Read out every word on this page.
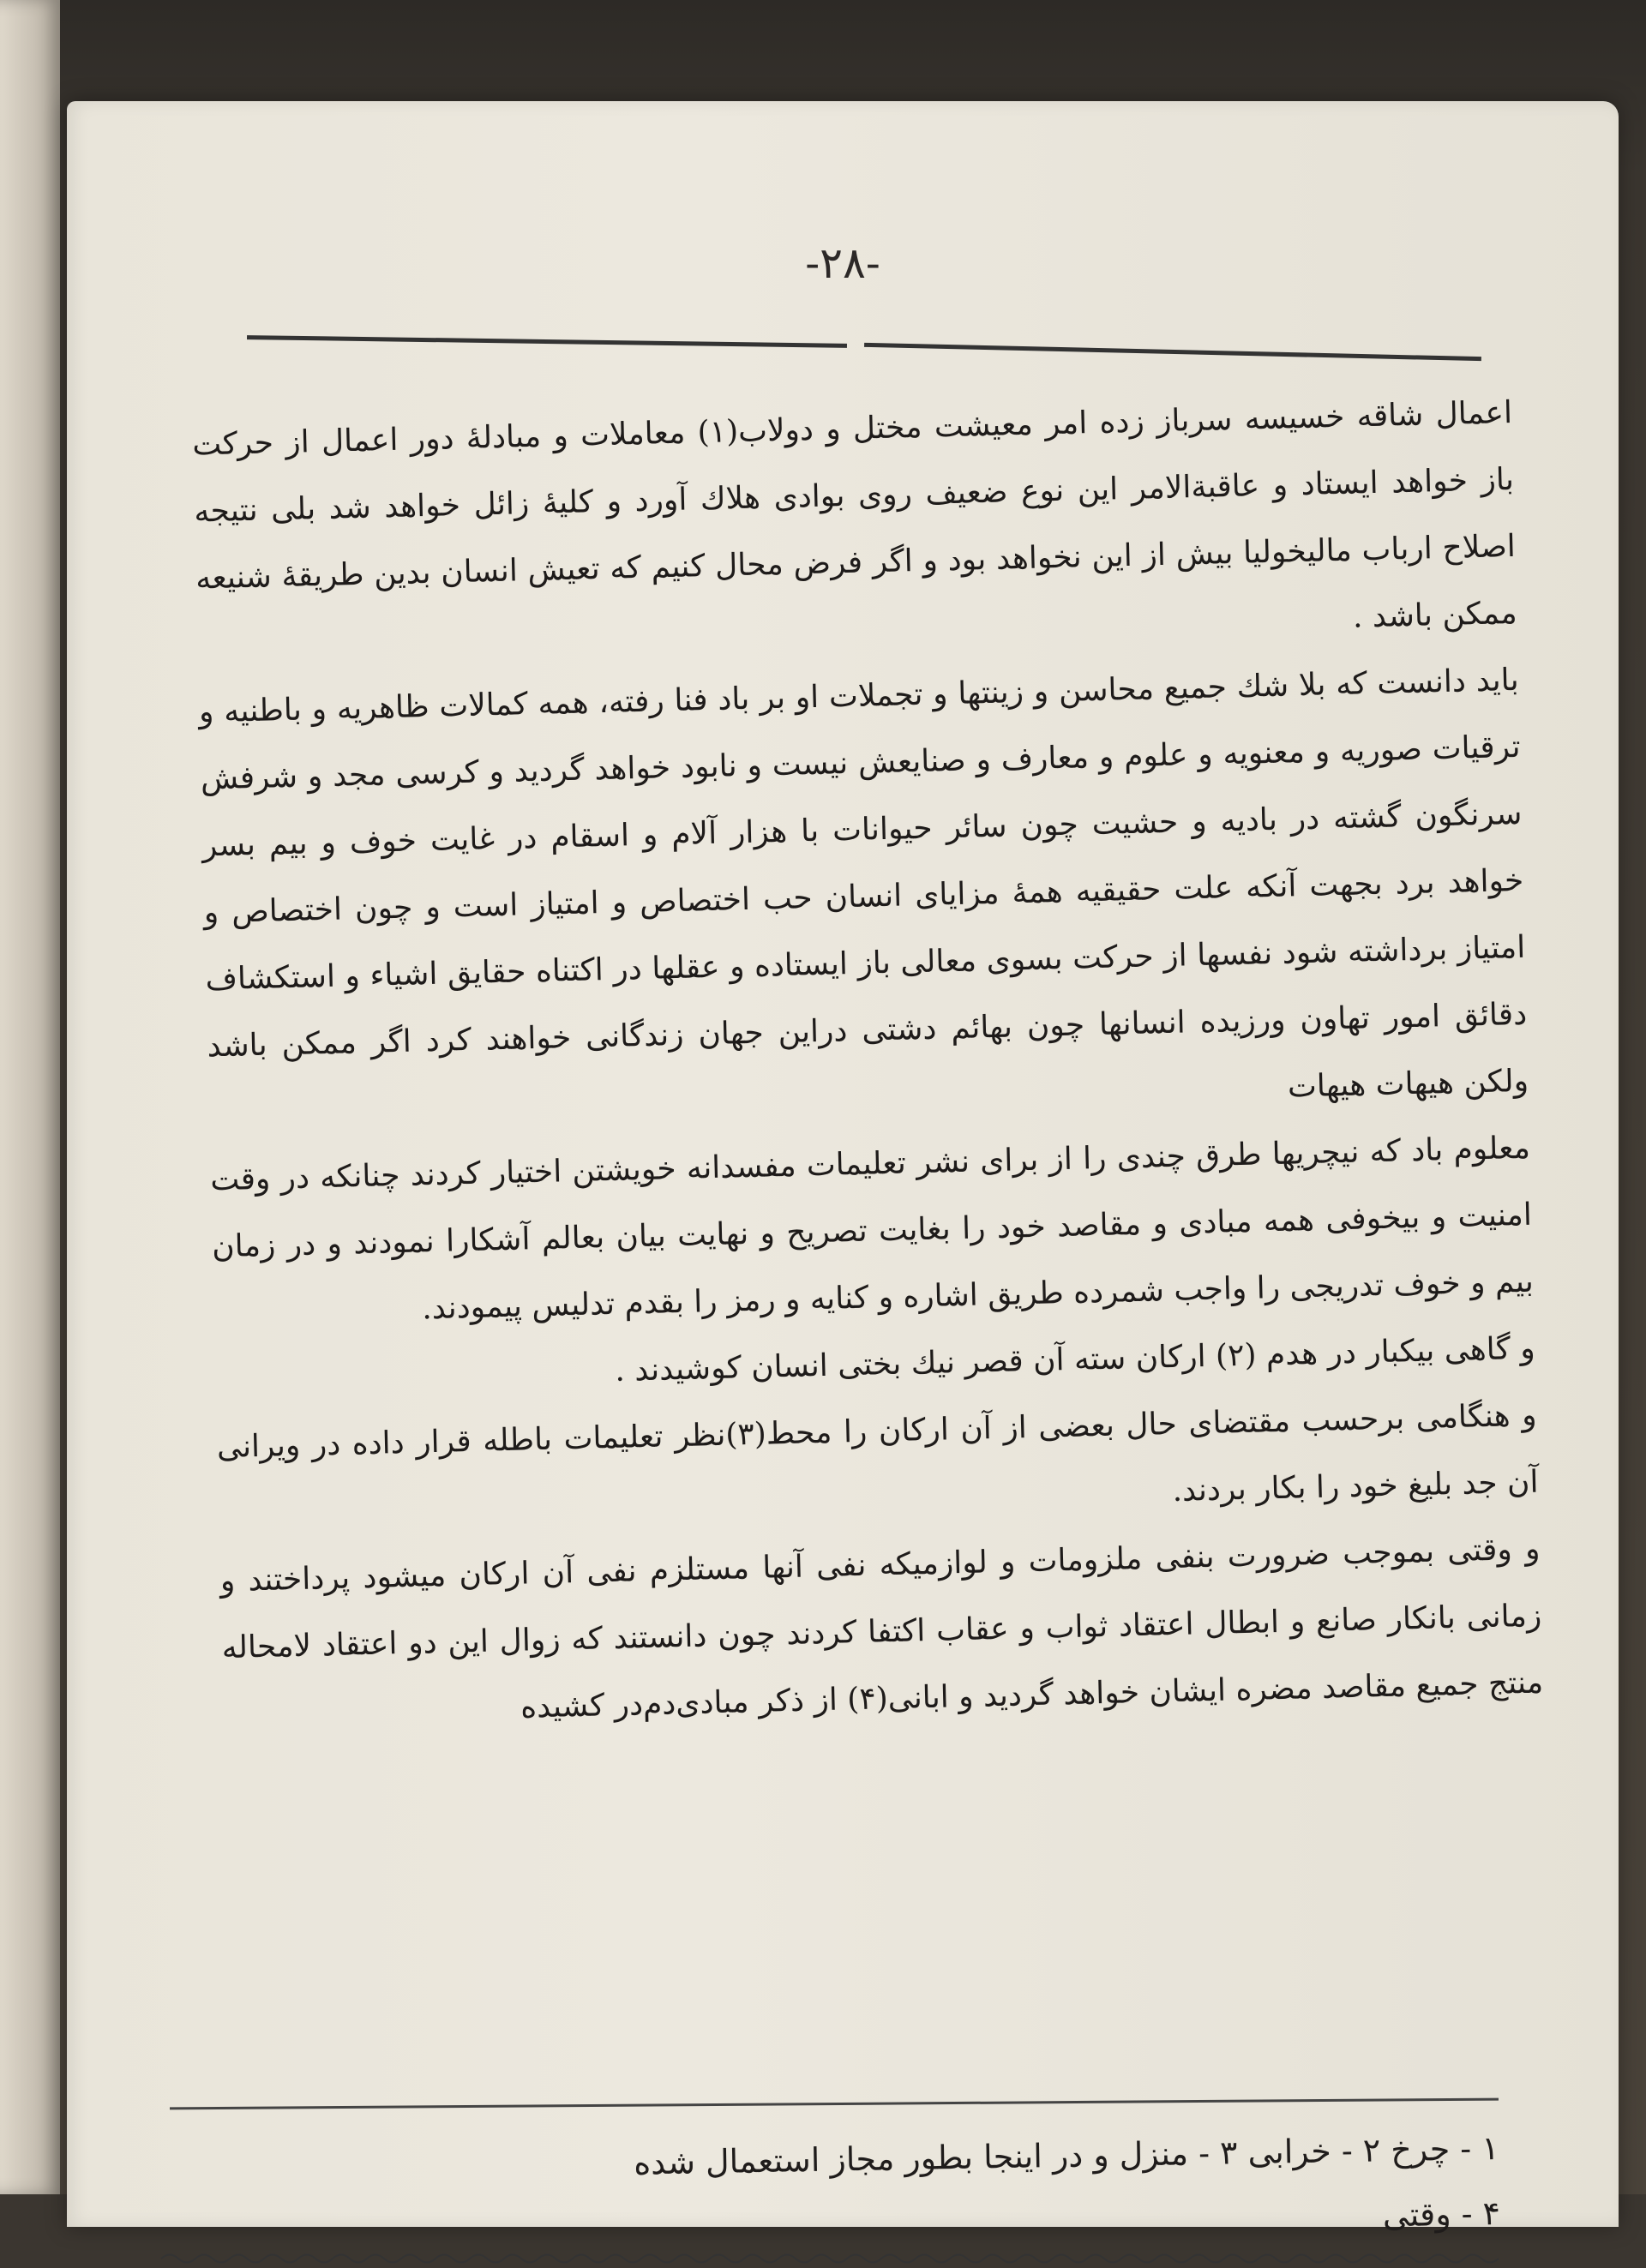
-۲۸-

اعمال شاقه خسیسه سرباز زده امر معیشت مختل و دولاب(۱) معاملات و مبادلهٔ دور اعمال از حرکت باز خواهد ایستاد و عاقبةالامر این نوع ضعیف روی بوادی هلاك آورد و کلیهٔ زائل خواهد شد بلی نتیجه اصلاح ارباب مالیخولیا بیش از این نخواهد بود و اگر فرض محال کنیم که تعیش انسان بدین طریقهٔ شنیعه ممکن باشد .

باید دانست که بلا شك جمیع محاسن و زینتها و تجملات او بر باد فنا رفته، همه کمالات ظاهریه و باطنیه و ترقیات صوریه و معنویه و علوم و معارف و صنایعش نیست و نابود خواهد گردید و کرسی مجد و شرفش سرنگون گشته در بادیه و حشیت چون سائر حیوانات با هزار آلام و اسقام در غایت خوف و بیم بسر خواهد برد بجهت آنکه علت حقیقیه همهٔ مزایای انسان حب اختصاص و امتیاز است و چون اختصاص و امتیاز برداشته شود نفسها از حرکت بسوی معالی باز ایستاده و عقلها در اکتناه حقایق اشیاء و استکشاف دقائق امور تهاون ورزیده انسانها چون بهائم دشتی دراین جهان زندگانی خواهند کرد اگر ممکن باشد ولکن هیهات هیهات

معلوم باد که نیچریها طرق چندی را از برای نشر تعلیمات مفسدانه خویشتن اختیار کردند چنانکه در وقت امنیت و بیخوفی همه مبادی و مقاصد خود را بغایت تصریح و نهایت بیان بعالم آشکارا نمودند و در زمان بیم و خوف تدریجی را واجب شمرده طریق اشاره و کنایه و رمز را بقدم تدلیس پیمودند.

و گاهی بیکبار در هدم (۲) ارکان سته آن قصر نیك بختی انسان کوشیدند .

و هنگامی برحسب مقتضای حال بعضی از آن ارکان را محط(۳)نظر تعلیمات باطله قرار داده در ویرانی آن جد بلیغ خود را بکار بردند.

و وقتی بموجب ضرورت بنفی ملزومات و لوازمیکه نفی آنها مستلزم نفی آن ارکان میشود پرداختند و زمانی بانکار صانع و ابطال اعتقاد ثواب و عقاب اکتفا کردند چون دانستند که زوال این دو اعتقاد لامحاله منتج جمیع مقاصد مضره ایشان خواهد گردید و ابانی(۴) از ذکر مبادی‌دم‌در کشیده

۱ - چرخ ۲ - خرابی ۳ - منزل و در اینجا بطور مجاز استعمال شده
۴ - وقتی
